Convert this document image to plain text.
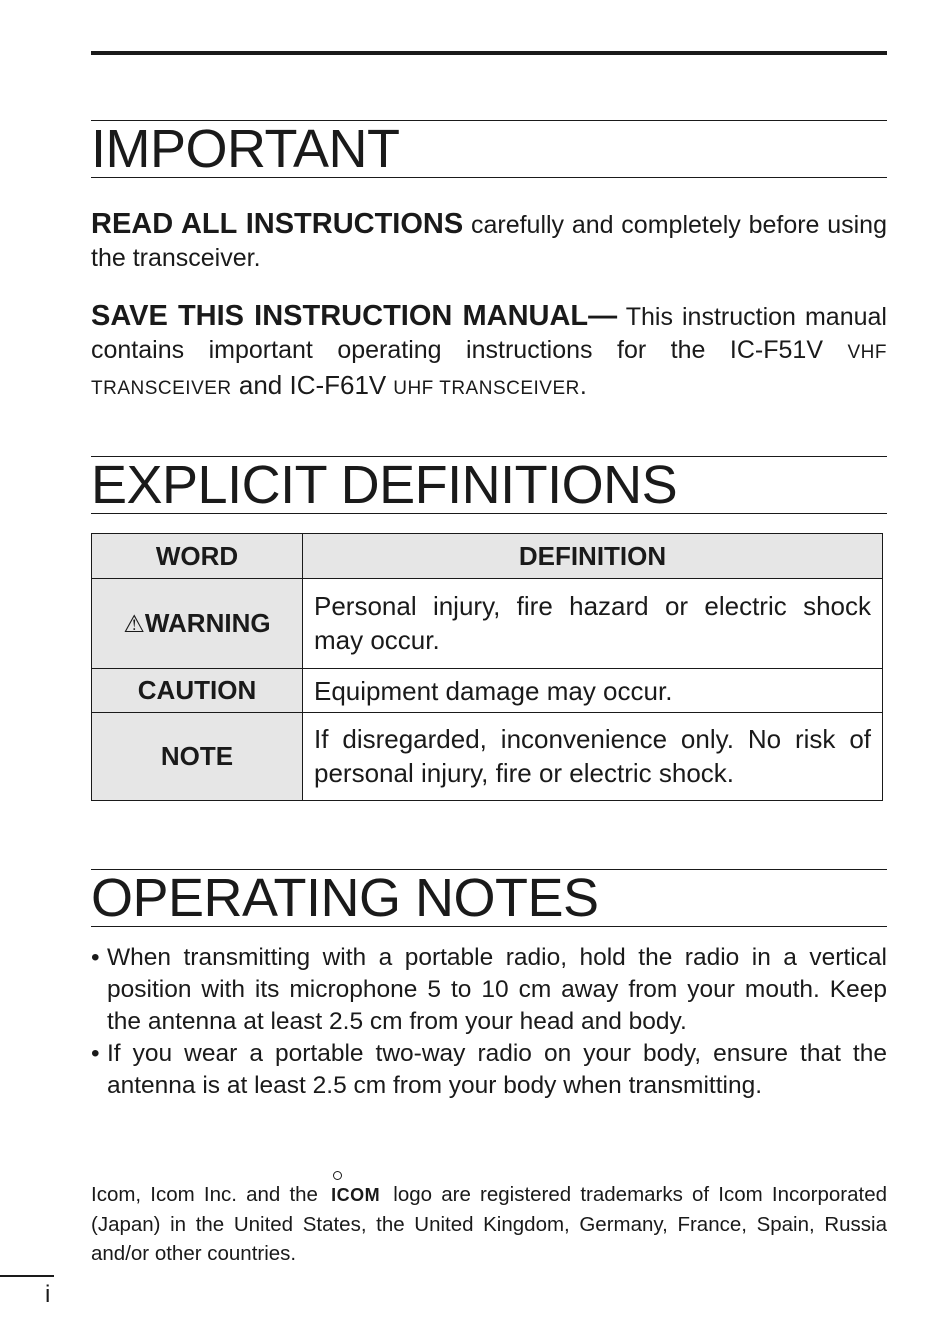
IMPORTANT

READ ALL INSTRUCTIONS carefully and completely before using the transceiver.

SAVE THIS INSTRUCTION MANUAL— This instruction manual contains important operating instructions for the IC-F51V VHF TRANSCEIVER and IC-F61V UHF TRANSCEIVER.

EXPLICIT DEFINITIONS
WORD	DEFINITION
⚠WARNING	Personal injury, fire hazard or electric shock may occur.
CAUTION	Equipment damage may occur.
NOTE	If disregarded, inconvenience only. No risk of personal injury, fire or electric shock.
OPERATING NOTES
• When transmitting with a portable radio, hold the radio in a vertical position with its microphone 5 to 10 cm away from your mouth. Keep the antenna at least 2.5 cm from your head and body.
• If you wear a portable two-way radio on your body, ensure that the antenna is at least 2.5 cm from your body when transmitting.

Icom, Icom Inc. and the
ICOM logo are registered trademarks of Icom Incorporated (Japan) in the United States, the United Kingdom, Germany, France, Spain, Russia and/or other countries.

i
